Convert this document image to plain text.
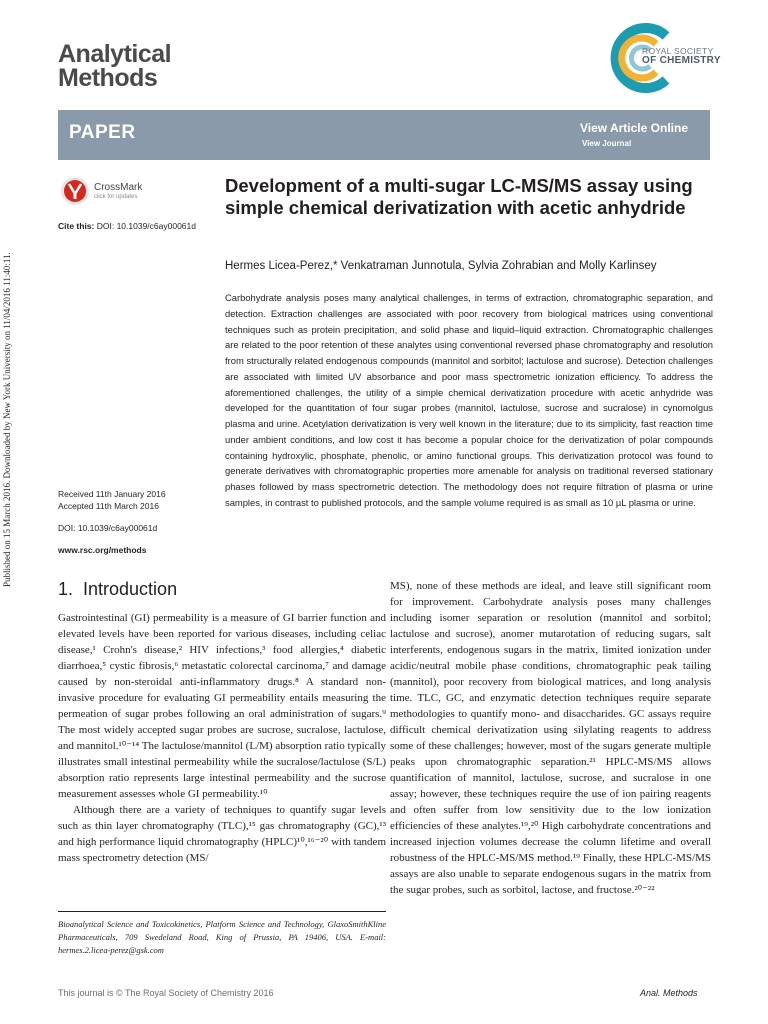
Published on 15 March 2016. Downloaded by New York University on 11/04/2016 11:40:11.
Analytical
Methods
ROYAL SOCIETY
OF CHEMISTRY
PAPER	View Article Online
View Journal
CrossMark
click for updates
Cite this: DOI: 10.1039/c6ay00061d
Development of a multi-sugar LC-MS/MS assay using simple chemical derivatization with acetic anhydride
Hermes Licea-Perez,* Venkatraman Junnotula, Sylvia Zohrabian and Molly Karlinsey
Carbohydrate analysis poses many analytical challenges, in terms of extraction, chromatographic separation, and detection. Extraction challenges are associated with poor recovery from biological matrices using conventional techniques such as protein precipitation, and solid phase and liquid–liquid extraction. Chromatographic challenges are related to the poor retention of these analytes using conventional reversed phase chromatography and resolution from structurally related endogenous compounds (mannitol and sorbitol; lactulose and sucrose). Detection challenges are associated with limited UV absorbance and poor mass spectrometric ionization efficiency. To address the aforementioned challenges, the utility of a simple chemical derivatization procedure with acetic anhydride was developed for the quantitation of four sugar probes (mannitol, lactulose, sucrose and sucralose) in cynomolgus plasma and urine. Acetylation derivatization is very well known in the literature; due to its simplicity, fast reaction time under ambient conditions, and low cost it has become a popular choice for the derivatization of polar compounds containing hydroxylic, phosphate, phenolic, or amino functional groups. This derivatization protocol was found to generate derivatives with chromatographic properties more amenable for analysis on traditional reversed stationary phases followed by mass spectrometric detection. The methodology does not require filtration of plasma or urine samples, in contrast to published protocols, and the sample volume required is as small as 10 µL plasma or urine.
Received 11th January 2016
Accepted 11th March 2016
DOI: 10.1039/c6ay00061d
www.rsc.org/methods
1. Introduction

Gastrointestinal (GI) permeability is a measure of GI barrier function and elevated levels have been reported for various diseases, including celiac disease,¹ Crohn's disease,² HIV infections,³ food allergies,⁴ diabetic diarrhoea,⁵ cystic fibrosis,⁶ metastatic colorectal carcinoma,⁷ and damage caused by non-steroidal anti-inflammatory drugs.⁸ A standard non-invasive procedure for evaluating GI permeability entails measuring the permeation of sugar probes following an oral administration of sugars.⁹ The most widely accepted sugar probes are sucrose, sucralose, lactulose, and mannitol.¹⁰⁻¹⁴ The lactulose/mannitol (L/M) absorption ratio typically illustrates small intestinal permeability while the sucralose/lactulose (S/L) absorption ratio represents large intestinal permeability and the sucrose measurement assesses whole GI permeability.¹⁰

Although there are a variety of techniques to quantify sugar levels such as thin layer chromatography (TLC),¹⁵ gas chromatography (GC),¹³ and high performance liquid chromatography (HPLC)¹⁰,¹⁶⁻²⁰ with tandem mass spectrometry detection (MS/

MS), none of these methods are ideal, and leave still significant room for improvement. Carbohydrate analysis poses many challenges including isomer separation or resolution (mannitol and sorbitol; lactulose and sucrose), anomer mutarotation of reducing sugars, salt interferents, endogenous sugars in the matrix, limited ionization under acidic/neutral mobile phase conditions, chromatographic peak tailing (mannitol), poor recovery from biological matrices, and long analysis time. TLC, GC, and enzymatic detection techniques require separate methodologies to quantify mono- and disaccharides. GC assays require difficult chemical derivatization using silylating reagents to address some of these challenges; however, most of the sugars generate multiple peaks upon chromatographic separation.²¹ HPLC-MS/MS allows quantification of mannitol, lactulose, sucrose, and sucralose in one assay; however, these techniques require the use of ion pairing reagents and often suffer from low sensitivity due to the low ionization efficiencies of these analytes.¹⁹,²⁰ High carbohydrate concentrations and increased injection volumes decrease the column lifetime and overall robustness of the HPLC-MS/MS method.¹⁹ Finally, these HPLC-MS/MS assays are also unable to separate endogenous sugars in the matrix from the sugar probes, such as sorbitol, lactose, and fructose.²⁰⁻²²

Bioanalytical Science and Toxicokinetics, Platform Science and Technology, GlaxoSmithKline Pharmaceuticals, 709 Swedeland Road, King of Prussia, PA 19406, USA. E-mail: hermes.2.licea-perez@gsk.com
This journal is © The Royal Society of Chemistry 2016	Anal. Methods
